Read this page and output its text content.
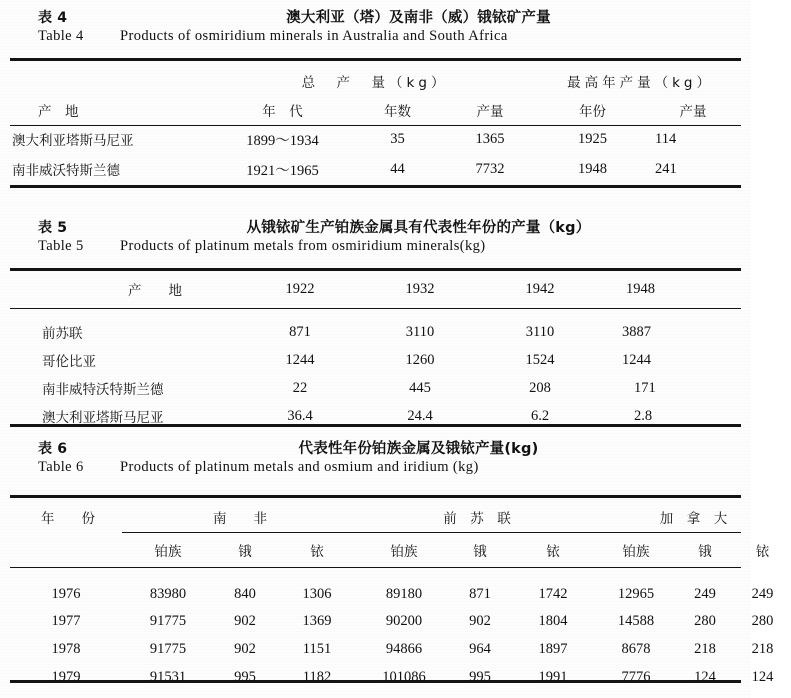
表 4	澳大利亚（塔）及南非（威）锇铱矿产量
Table 4	Products of osmiridium minerals in Australia and South Africa
	总　产　量（kg）			最高年产量（kg）	
产　地	年　代	年数	产量	年份	产量
澳大利亚塔斯马尼亚	1899～1934	35	1365	1925	114
南非威沃特斯兰德	1921～1965	44	7732	1948	241
表 5	从锇铱矿生产铂族金属具有代表性年份的产量（kg）
Table 5	Products of platinum metals from osmiridium minerals(kg)
产　　地	1922	1932	1942	1948

前苏联	871	3110	3110	3887
哥伦比亚	1244	1260	1524	1244
南非威特沃特斯兰德	22	445	208	171
澳大利亚塔斯马尼亚	36.4	24.4	6.2	2.8
表 6	代表性年份铂族金属及锇铱产量(kg)
Table 6	Products of platinum metals and osmium and iridium (kg)
年　　份	南　　非			前　苏　联			加　拿　大		
	铂族	锇	铱	铂族	锇	铱	铂族	锇	铱

1976	83980	840	1306	89180	871	1742	12965	249	249
1977	91775	902	1369	90200	902	1804	14588	280	280
1978	91775	902	1151	94866	964	1897	8678	218	218
1979	91531	995	1182	101086	995	1991	7776	124	124
